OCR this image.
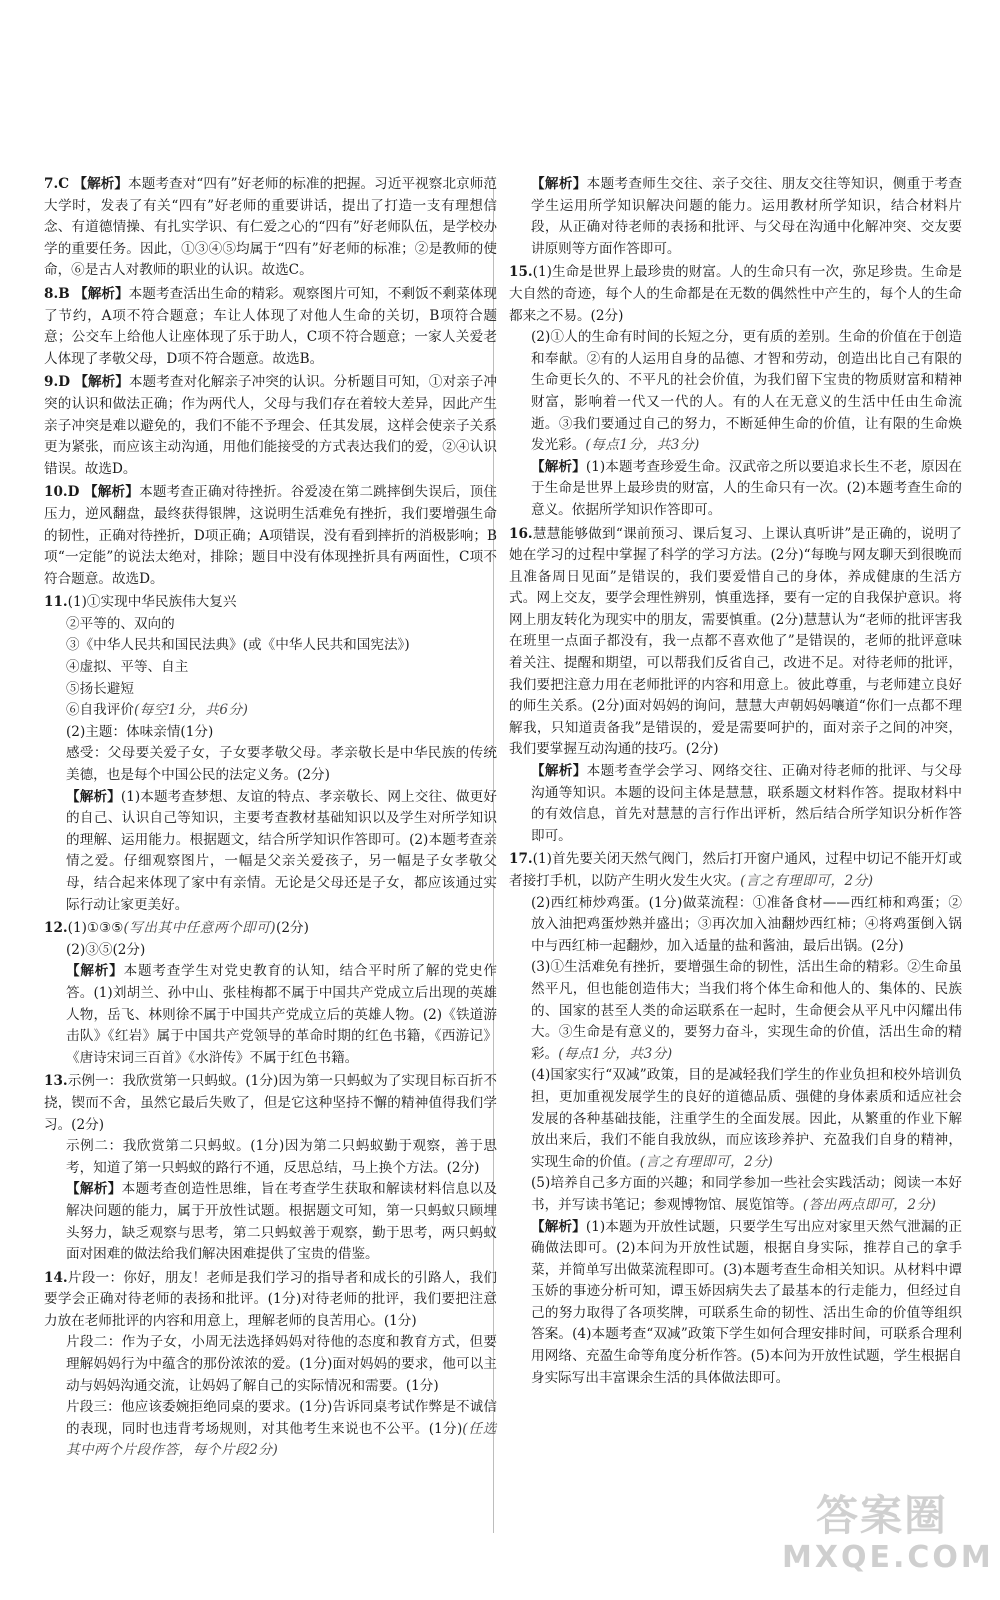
7.C 【解析】本题考查对“四有”好老师的标准的把握。习近平视察北京师范大学时，发表了有关“四有”好老师的重要讲话，提出了打造一支有理想信念、有道德情操、有扎实学识、有仁爱之心的“四有”好老师队伍，是学校办学的重要任务。因此，①③④⑤均属于“四有”好老师的标准；②是教师的使命，⑥是古人对教师的职业的认识。故选C。

8.B 【解析】本题考查活出生命的精彩。观察图片可知，不剩饭不剩菜体现了节约，A项不符合题意；车让人体现了对他人生命的关切，B项符合题意；公交车上给他人让座体现了乐于助人，C项不符合题意；一家人关爱老人体现了孝敬父母，D项不符合题意。故选B。

9.D 【解析】本题考查对化解亲子冲突的认识。分析题目可知，①对亲子冲突的认识和做法正确；作为两代人，父母与我们存在着较大差异，因此产生亲子冲突是难以避免的，我们不能不予理会、任其发展，这样会使亲子关系更为紧张，而应该主动沟通，用他们能接受的方式表达我们的爱，②④认识错误。故选D。

10.D 【解析】本题考查正确对待挫折。谷爱凌在第二跳摔倒失误后，顶住压力，逆风翻盘，最终获得银牌，这说明生活难免有挫折，我们要增强生命的韧性，正确对待挫折，D项正确；A项错误，没有看到摔折的消极影响；B项“一定能”的说法太绝对，排除；题目中没有体现挫折具有两面性，C项不符合题意。故选D。

11.(1)①实现中华民族伟大复兴

②平等的、双向的

③《中华人民共和国民法典》(或《中华人民共和国宪法》)

④虚拟、平等、自主

⑤扬长避短

⑥自我评价(每空1分，共6分)

(2)主题：体味亲情(1分)

感受：父母要关爱子女，子女要孝敬父母。孝亲敬长是中华民族的传统美德，也是每个中国公民的法定义务。(2分)

【解析】(1)本题考查梦想、友谊的特点、孝亲敬长、网上交往、做更好的自己、认识自己等知识，主要考查教材基础知识以及学生对所学知识的理解、运用能力。根据题文，结合所学知识作答即可。(2)本题考查亲情之爱。仔细观察图片，一幅是父亲关爱孩子，另一幅是子女孝敬父母，结合起来体现了家中有亲情。无论是父母还是子女，都应该通过实际行动让家更美好。

12.(1)①③⑤(写出其中任意两个即可)(2分)

(2)③⑤(2分)

【解析】本题考查学生对党史教育的认知，结合平时所了解的党史作答。(1)刘胡兰、孙中山、张桂梅都不属于中国共产党成立后出现的英雄人物，岳飞、林则徐不属于中国共产党成立后的英雄人物。(2)《铁道游击队》《红岩》属于中国共产党领导的革命时期的红色书籍，《西游记》《唐诗宋词三百首》《水浒传》不属于红色书籍。

13.示例一：我欣赏第一只蚂蚁。(1分)因为第一只蚂蚁为了实现目标百折不挠，锲而不舍，虽然它最后失败了，但是它这种坚持不懈的精神值得我们学习。(2分)

示例二：我欣赏第二只蚂蚁。(1分)因为第二只蚂蚁勤于观察，善于思考，知道了第一只蚂蚁的路行不通，反思总结，马上换个方法。(2分)

【解析】本题考查创造性思维，旨在考查学生获取和解读材料信息以及解决问题的能力，属于开放性试题。根据题文可知，第一只蚂蚁只顾埋头努力，缺乏观察与思考，第二只蚂蚁善于观察，勤于思考，两只蚂蚁面对困难的做法给我们解决困难提供了宝贵的借鉴。

14.片段一：你好，朋友！老师是我们学习的指导者和成长的引路人，我们要学会正确对待老师的表扬和批评。(1分)对待老师的批评，我们要把注意力放在老师批评的内容和用意上，理解老师的良苦用心。(1分)

片段二：作为子女，小周无法选择妈妈对待他的态度和教育方式，但要理解妈妈行为中蕴含的那份浓浓的爱。(1分)面对妈妈的要求，他可以主动与妈妈沟通交流，让妈妈了解自己的实际情况和需要。(1分)

片段三：他应该委婉拒绝同桌的要求。(1分)告诉同桌考试作弊是不诚信的表现，同时也违背考场规则，对其他考生来说也不公平。(1分)(任选其中两个片段作答，每个片段2分)

【解析】本题考查师生交往、亲子交往、朋友交往等知识，侧重于考查学生运用所学知识解决问题的能力。运用教材所学知识，结合材料片段，从正确对待老师的表扬和批评、与父母在沟通中化解冲突、交友要讲原则等方面作答即可。

15.(1)生命是世界上最珍贵的财富。人的生命只有一次，弥足珍贵。生命是大自然的奇迹，每个人的生命都是在无数的偶然性中产生的，每个人的生命都来之不易。(2分)

(2)①人的生命有时间的长短之分，更有质的差别。生命的价值在于创造和奉献。②有的人运用自身的品德、才智和劳动，创造出比自己有限的生命更长久的、不平凡的社会价值，为我们留下宝贵的物质财富和精神财富，影响着一代又一代的人。有的人在无意义的生活中任由生命流逝。③我们要通过自己的努力，不断延伸生命的价值，让有限的生命焕发光彩。(每点1分，共3分)

【解析】(1)本题考查珍爱生命。汉武帝之所以要追求长生不老，原因在于生命是世界上最珍贵的财富，人的生命只有一次。(2)本题考查生命的意义。依据所学知识作答即可。

16.慧慧能够做到“课前预习、课后复习、上课认真听讲”是正确的，说明了她在学习的过程中掌握了科学的学习方法。(2分)“每晚与网友聊天到很晚而且准备周日见面”是错误的，我们要爱惜自己的身体，养成健康的生活方式。网上交友，要学会理性辨别，慎重选择，要有一定的自我保护意识。将网上朋友转化为现实中的朋友，需要慎重。(2分)慧慧认为“老师的批评害我在班里一点面子都没有，我一点都不喜欢他了”是错误的，老师的批评意味着关注、提醒和期望，可以帮我们反省自己，改进不足。对待老师的批评，我们要把注意力用在老师批评的内容和用意上。彼此尊重，与老师建立良好的师生关系。(2分)面对妈妈的询问，慧慧大声朝妈妈嚷道“你们一点都不理解我，只知道责备我”是错误的，爱是需要呵护的，面对亲子之间的冲突，我们要掌握互动沟通的技巧。(2分)

【解析】本题考查学会学习、网络交往、正确对待老师的批评、与父母沟通等知识。本题的设问主体是慧慧，联系题文材料作答。提取材料中的有效信息，首先对慧慧的言行作出评析，然后结合所学知识分析作答即可。

17.(1)首先要关闭天然气阀门，然后打开窗户通风，过程中切记不能开灯或者接打手机，以防产生明火发生火灾。(言之有理即可，2分)

(2)西红柿炒鸡蛋。(1分)做菜流程：①准备食材——西红柿和鸡蛋；②放入油把鸡蛋炒熟并盛出；③再次加入油翻炒西红柿；④将鸡蛋倒入锅中与西红柿一起翻炒，加入适量的盐和酱油，最后出锅。(2分)

(3)①生活难免有挫折，要增强生命的韧性，活出生命的精彩。②生命虽然平凡，但也能创造伟大；当我们将个体生命和他人的、集体的、民族的、国家的甚至人类的命运联系在一起时，生命便会从平凡中闪耀出伟大。③生命是有意义的，要努力奋斗，实现生命的价值，活出生命的精彩。(每点1分，共3分)

(4)国家实行“双减”政策，目的是减轻我们学生的作业负担和校外培训负担，更加重视发展学生的良好的道德品质、强健的身体素质和适应社会发展的各种基础技能，注重学生的全面发展。因此，从繁重的作业下解放出来后，我们不能自我放纵，而应该珍养护、充盈我们自身的精神，实现生命的价值。(言之有理即可，2分)

(5)培养自己多方面的兴趣；和同学参加一些社会实践活动；阅读一本好书，并写读书笔记；参观博物馆、展览馆等。(答出两点即可，2分)

【解析】(1)本题为开放性试题，只要学生写出应对家里天然气泄漏的正确做法即可。(2)本问为开放性试题，根据自身实际，推荐自己的拿手菜，并简单写出做菜流程即可。(3)本题考查生命相关知识。从材料中谭玉娇的事迹分析可知，谭玉娇因病失去了最基本的行走能力，但经过自己的努力取得了各项奖牌，可联系生命的韧性、活出生命的价值等组织答案。(4)本题考查“双减”政策下学生如何合理安排时间，可联系合理利用网络、充盈生命等角度分析作答。(5)本问为开放性试题，学生根据自身实际写出丰富课余生活的具体做法即可。

答案圈
MXQE.COM
